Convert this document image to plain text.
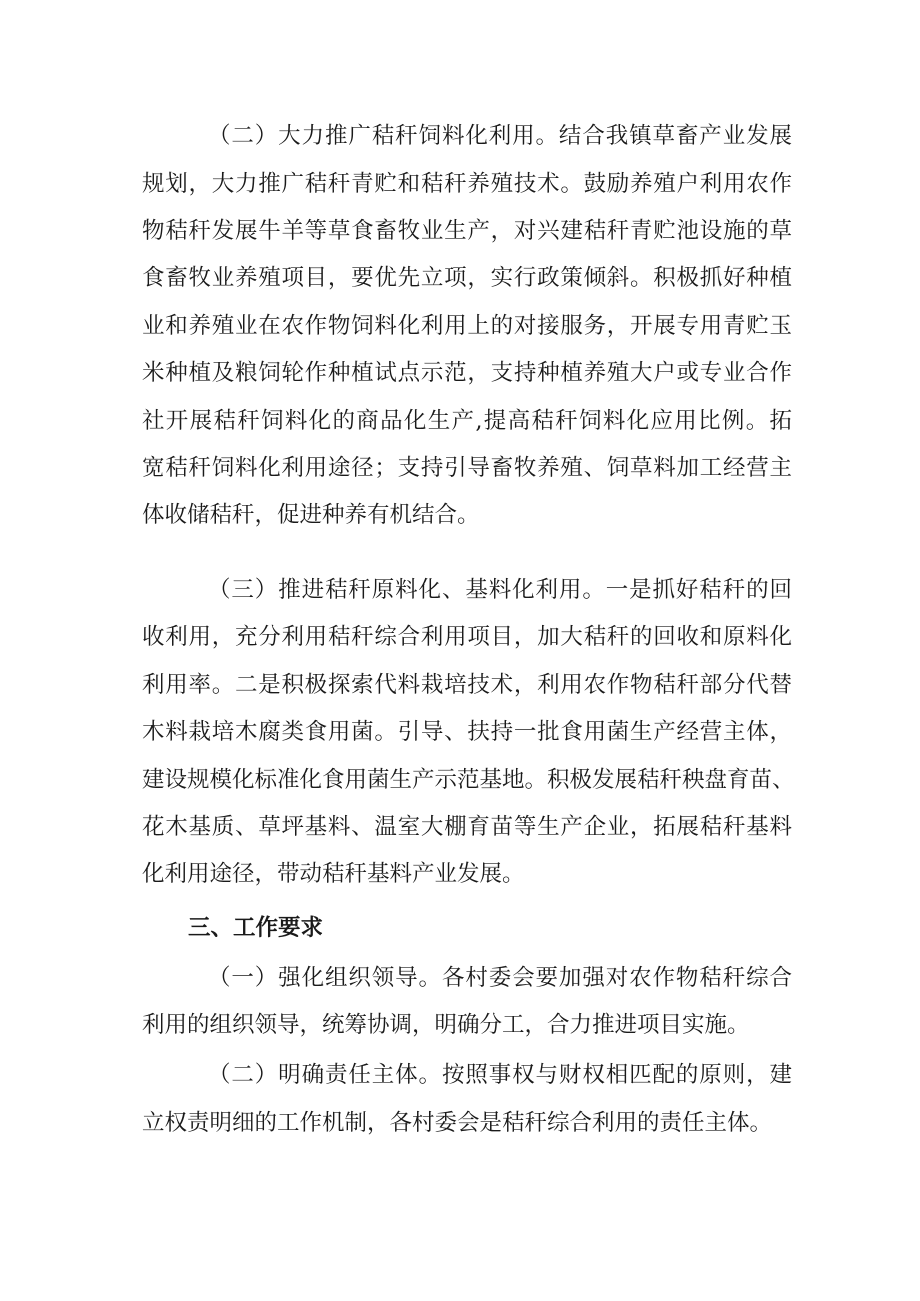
（二）大力推广秸秆饲料化利用。结合我镇草畜产业发展
规划，大力推广秸秆青贮和秸秆养殖技术。鼓励养殖户利用农作
物秸秆发展牛羊等草食畜牧业生产，对兴建秸秆青贮池设施的草
食畜牧业养殖项目，要优先立项，实行政策倾斜。积极抓好种植
业和养殖业在农作物饲料化利用上的对接服务，开展专用青贮玉
米种植及粮饲轮作种植试点示范，支持种植养殖大户或专业合作
社开展秸秆饲料化的商品化生产,提高秸秆饲料化应用比例。拓
宽秸秆饲料化利用途径；支持引导畜牧养殖、饲草料加工经营主
体收储秸秆，促进种养有机结合。
（三）推进秸秆原料化、基料化利用。一是抓好秸秆的回
收利用，充分利用秸秆综合利用项目，加大秸秆的回收和原料化
利用率。二是积极探索代料栽培技术，利用农作物秸秆部分代替
木料栽培木腐类食用菌。引导、扶持一批食用菌生产经营主体，
建设规模化标准化食用菌生产示范基地。积极发展秸秆秧盘育苗、
花木基质、草坪基料、温室大棚育苗等生产企业，拓展秸秆基料
化利用途径，带动秸秆基料产业发展。
三、工作要求
（一）强化组织领导。各村委会要加强对农作物秸秆综合
利用的组织领导，统筹协调，明确分工，合力推进项目实施。
（二）明确责任主体。按照事权与财权相匹配的原则，建
立权责明细的工作机制，各村委会是秸秆综合利用的责任主体。
